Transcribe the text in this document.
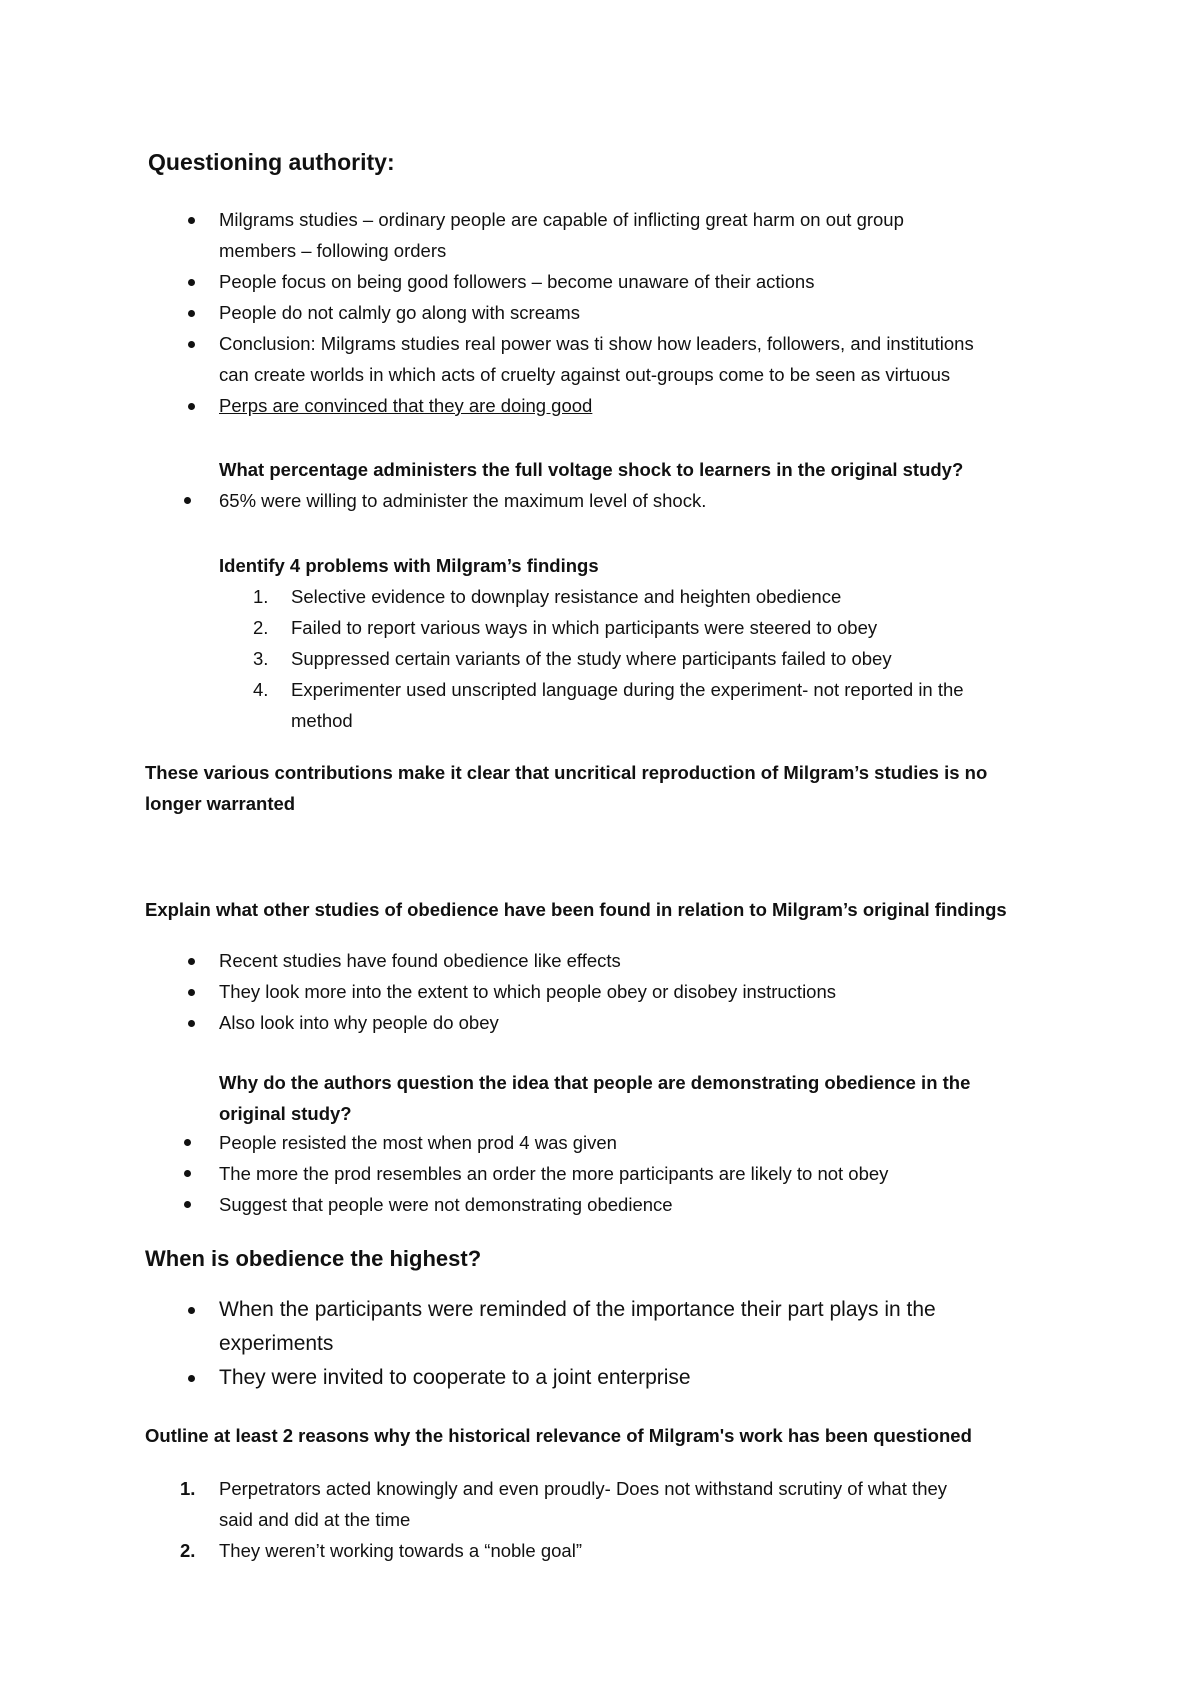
Questioning authority:
Milgrams studies – ordinary people are capable of inflicting great harm on out group
members – following orders
People focus on being good followers – become unaware of their actions
People do not calmly go along with screams
Conclusion: Milgrams studies real power was ti show how leaders, followers, and institutions
can create worlds in which acts of cruelty against out-groups come to be seen as virtuous
Perps are convinced that they are doing good
What percentage administers the full voltage shock to learners in the original study?
65% were willing to administer the maximum level of shock.
Identify 4 problems with Milgram’s findings
1. Selective evidence to downplay resistance and heighten obedience
2. Failed to report various ways in which participants were steered to obey
3. Suppressed certain variants of the study where participants failed to obey
4. Experimenter used unscripted language during the experiment- not reported in the
method
These various contributions make it clear that uncritical reproduction of Milgram’s studies is no
longer warranted
Explain what other studies of obedience have been found in relation to Milgram’s original findings
Recent studies have found obedience like effects
They look more into the extent to which people obey or disobey instructions
Also look into why people do obey
Why do the authors question the idea that people are demonstrating obedience in the
original study?
People resisted the most when prod 4 was given
The more the prod resembles an order the more participants are likely to not obey
Suggest that people were not demonstrating obedience
When is obedience the highest?
When the participants were reminded of the importance their part plays in the
experiments
They were invited to cooperate to a joint enterprise
Outline at least 2 reasons why the historical relevance of Milgram's work has been questioned
1. Perpetrators acted knowingly and even proudly- Does not withstand scrutiny of what they
said and did at the time
2. They weren’t working towards a “noble goal”
